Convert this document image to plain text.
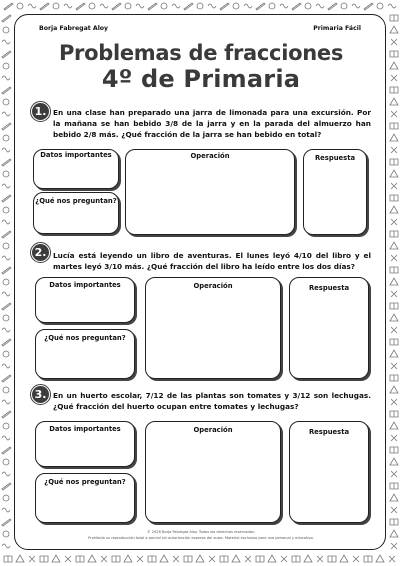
Borja Fabregat Aloy	Primaria Fácil
Problemas de fracciones
4º de Primaria
1. En una clase han preparado una jarra de limonada para una excursión. Por la mañana se han bebido 3/8 de la jarra y en la parada del almuerzo han bebido 2/8 más. ¿Qué fracción de la jarra se han bebido en total?
Datos importantes
¿Qué nos preguntan?
Operación	Respuesta
2. Lucía está leyendo un libro de aventuras. El lunes leyó 4/10 del libro y el martes leyó 3/10 más. ¿Qué fracción del libro ha leído entre los dos días?
Datos importantes
¿Qué nos preguntan?
Operación	Respuesta
3. En un huerto escolar, 7/12 de las plantas son tomates y 3/12 son lechugas. ¿Qué fracción del huerto ocupan entre tomates y lechugas?
Datos importantes
¿Qué nos preguntan?
Operación	Respuesta
© 2026 Borja Fabregat Aloy. Todos los derechos reservados.
Prohibida su reproducción total o parcial sin autorización expresa del autor. Material exclusivo para uso personal y educativo.
